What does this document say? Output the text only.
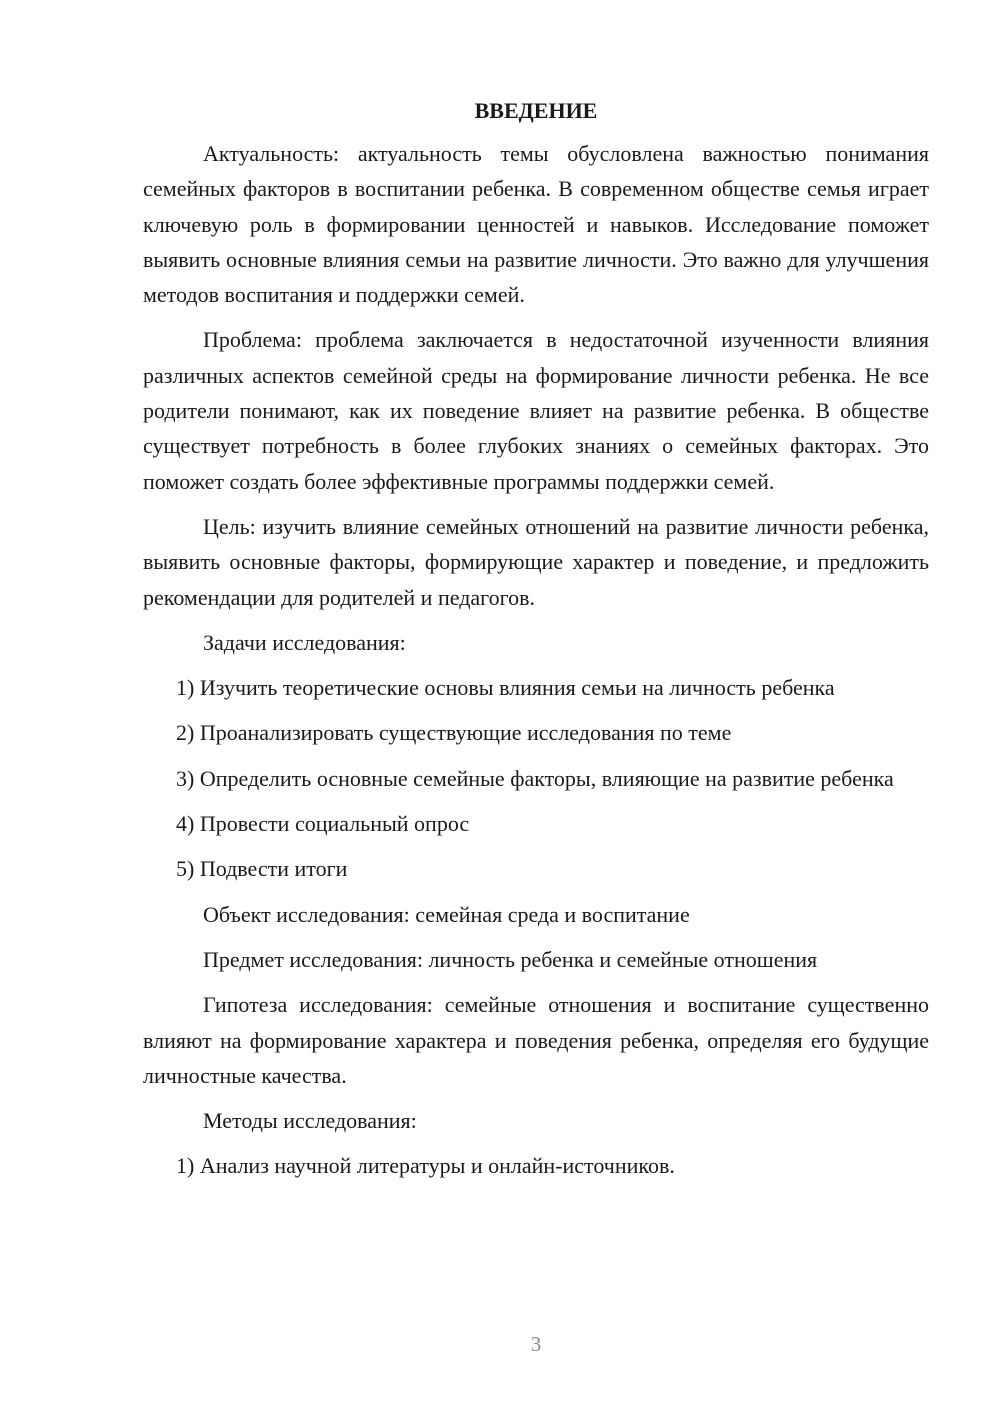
ВВЕДЕНИЕ

Актуальность: актуальность темы обусловлена важностью понимания семейных факторов в воспитании ребенка. В современном обществе семья играет ключевую роль в формировании ценностей и навыков. Исследование поможет выявить основные влияния семьи на развитие личности. Это важно для улучшения методов воспитания и поддержки семей.

Проблема: проблема заключается в недостаточной изученности влияния различных аспектов семейной среды на формирование личности ребенка. Не все родители понимают, как их поведение влияет на развитие ребенка. В обществе существует потребность в более глубоких знаниях о семейных факторах. Это поможет создать более эффективные программы поддержки семей.

Цель: изучить влияние семейных отношений на развитие личности ребенка, выявить основные факторы, формирующие характер и поведение, и предложить рекомендации для родителей и педагогов.

Задачи исследования:

1) Изучить теоретические основы влияния семьи на личность ребенка

2) Проанализировать существующие исследования по теме

3) Определить основные семейные факторы, влияющие на развитие ребенка

4) Провести социальный опрос

5) Подвести итоги

Объект исследования: семейная среда и воспитание

Предмет исследования: личность ребенка и семейные отношения

Гипотеза исследования: семейные отношения и воспитание существенно влияют на формирование характера и поведения ребенка, определяя его будущие личностные качества.

Методы исследования:

1) Анализ научной литературы и онлайн-источников.

3
